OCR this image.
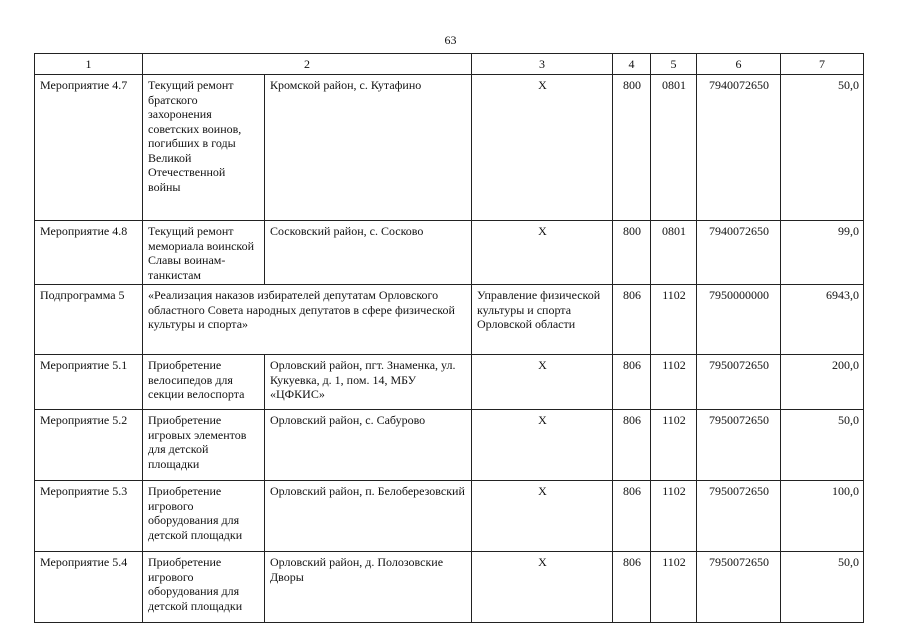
63
1	2		3	4	5	6	7
Мероприятие 4.7	Текущий ремонт братского захоронения советских воинов, погибших в годы Великой Отечественной войны	Кромской район, с. Кутафино	Х	800	0801	7940072650	50,0
Мероприятие 4.8	Текущий ремонт мемориала воинской Славы воинам-танкистам	Сосковский район, с. Сосково	Х	800	0801	7940072650	99,0
Подпрограмма 5	«Реализация наказов избирателей депутатам Орловского областного Совета народных депутатов в сфере физической культуры и спорта»		Управление физической культуры и спорта Орловской области	806	1102	7950000000	6943,0
Мероприятие 5.1	Приобретение велосипедов для секции велоспорта	Орловский район, пгт. Знаменка, ул. Кукуевка, д. 1, пом. 14, МБУ «ЦФКИС»	Х	806	1102	7950072650	200,0
Мероприятие 5.2	Приобретение игровых элементов для детской площадки	Орловский район, с. Сабурово	Х	806	1102	7950072650	50,0
Мероприятие 5.3	Приобретение игрового оборудования для детской площадки	Орловский район, п. Белоберезовский	Х	806	1102	7950072650	100,0
Мероприятие 5.4	Приобретение игрового оборудования для детской площадки	Орловский район, д. Полозовские Дворы	Х	806	1102	7950072650	50,0
